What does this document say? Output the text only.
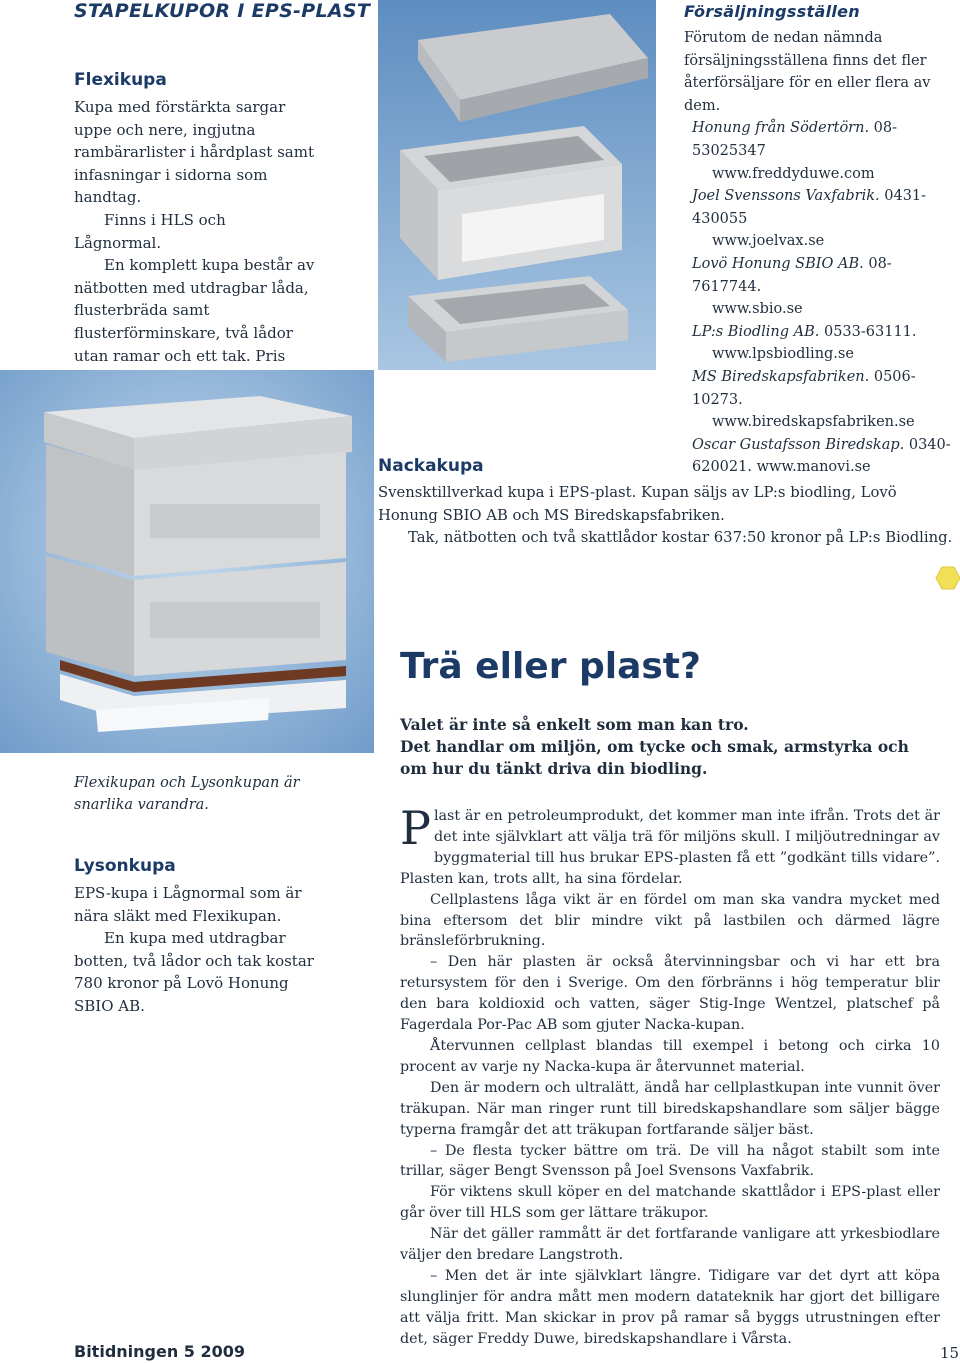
STAPELKUPOR I EPS-PLAST
Flexikupa

Kupa med förstärkta sargar uppe och nere, ingjutna rambärarlister i hårdplast samt infasningar i sidorna som handtag.

Finns i HLS och Lågnormal.

En komplett kupa består av nätbotten med utdragbar låda, flusterbräda samt flusterförminskare, två lådor utan ramar och ett tak. Pris

Försäljningsställen

Förutom de nedan nämnda försäljningsställena finns det fler återförsäljare för en eller flera av dem.

Honung från Södertörn. 08-53025347
www.freddyduwe.com
Joel Svenssons Vaxfabrik. 0431-430055
www.joelvax.se
Lovö Honung SBIO AB. 08-7617744.
www.sbio.se
LP:s Biodling AB. 0533-63111.
www.lpsbiodling.se
MS Biredskapsfabriken. 0506-10273.
www.biredskapsfabriken.se
Oscar Gustafsson Biredskap. 0340-620021. www.manovi.se
Nackakupa

Svensktillverkad kupa i EPS-plast. Kupan säljs av LP:s biodling, Lovö Honung SBIO AB och MS Biredskapsfabriken.

Tak, nätbotten och två skattlådor kostar 637:50 kronor på LP:s Biodling.

Flexikupan och Lysonkupan är snarlika varandra.

Lysonkupa

EPS-kupa i Lågnormal som är nära släkt med Flexikupan.

En kupa med utdragbar botten, två lådor och tak kostar 780 kronor på Lovö Honung SBIO AB.

Trä eller plast?
Valet är inte så enkelt som man kan tro.
Det handlar om miljön, om tycke och smak, armstyrka och om hur du tänkt driva din biodling.

Plast är en petroleumprodukt, det kommer man inte ifrån. Trots det är det inte självklart att välja trä för miljöns skull. I miljöutredningar av byggmaterial till hus brukar EPS-plasten få ett ”godkänt tills vidare”. Plasten kan, trots allt, ha sina fördelar.

Cellplastens låga vikt är en fördel om man ska vandra mycket med bina eftersom det blir mindre vikt på lastbilen och därmed lägre bränsleförbrukning.

– Den här plasten är också återvinningsbar och vi har ett bra retursystem för den i Sverige. Om den förbränns i hög temperatur blir den bara koldioxid och vatten, säger Stig-Inge Wentzel, platschef på Fagerdala Por-Pac AB som gjuter Nacka-kupan.

Återvunnen cellplast blandas till exempel i betong och cirka 10 procent av varje ny Nacka-kupa är återvunnet material.

Den är modern och ultralätt, ändå har cellplastkupan inte vunnit över träkupan. När man ringer runt till biredskapshandlare som säljer bägge typerna framgår det att träkupan fortfarande säljer bäst.

– De flesta tycker bättre om trä. De vill ha något stabilt som inte trillar, säger Bengt Svensson på Joel Svensons Vaxfabrik.

För viktens skull köper en del matchande skattlådor i EPS-plast eller går över till HLS som ger lättare träkupor.

När det gäller rammått är det fortfarande vanligare att yrkesbiodlare väljer den bredare Langstroth.

– Men det är inte självklart längre. Tidigare var det dyrt att köpa slunglinjer för andra mått men modern datateknik har gjort det billigare att välja fritt. Man skickar in prov på ramar så byggs utrustningen efter det, säger Freddy Duwe, biredskapshandlare i Vårsta.

Bitidningen 5 2009	15
